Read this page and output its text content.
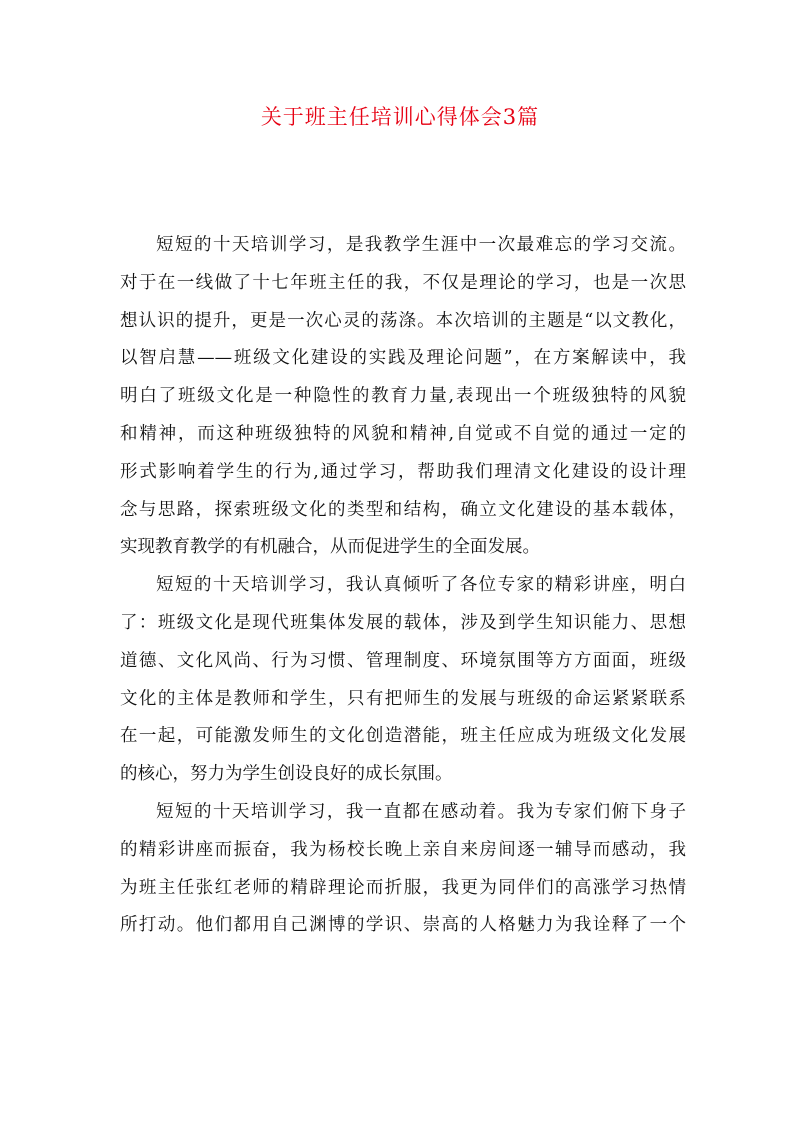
关于班主任培训心得体会3篇

短短的十天培训学习，是我教学生涯中一次最难忘的学习交流。
对于在一线做了十七年班主任的我，不仅是理论的学习，也是一次思
想认识的提升，更是一次心灵的荡涤。本次培训的主题是“以文教化，
以智启慧——班级文化建设的实践及理论问题”，在方案解读中，我
明白了班级文化是一种隐性的教育力量,表现出一个班级独特的风貌
和精神，而这种班级独特的风貌和精神,自觉或不自觉的通过一定的
形式影响着学生的行为,通过学习，帮助我们理清文化建设的设计理
念与思路，探索班级文化的类型和结构，确立文化建设的基本载体，
实现教育教学的有机融合，从而促进学生的全面发展。

短短的十天培训学习，我认真倾听了各位专家的精彩讲座，明白
了：班级文化是现代班集体发展的载体，涉及到学生知识能力、思想
道德、文化风尚、行为习惯、管理制度、环境氛围等方方面面，班级
文化的主体是教师和学生，只有把师生的发展与班级的命运紧紧联系
在一起，可能激发师生的文化创造潜能，班主任应成为班级文化发展
的核心，努力为学生创设良好的成长氛围。

短短的十天培训学习，我一直都在感动着。我为专家们俯下身子
的精彩讲座而振奋，我为杨校长晚上亲自来房间逐一辅导而感动，我
为班主任张红老师的精辟理论而折服，我更为同伴们的高涨学习热情
所打动。他们都用自己渊博的学识、崇高的人格魅力为我诠释了一个
